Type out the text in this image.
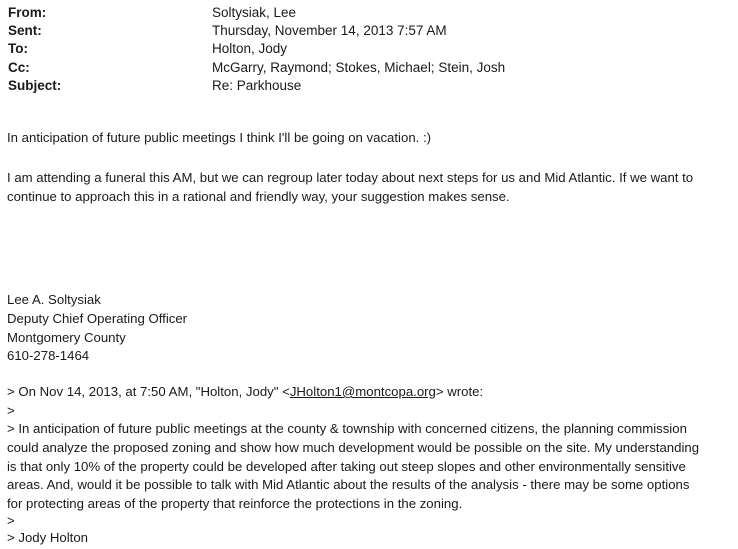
From:	Soltysiak, Lee
Sent:	Thursday, November 14, 2013 7:57 AM
To:	Holton, Jody
Cc:	McGarry, Raymond; Stokes, Michael; Stein, Josh
Subject:	Re: Parkhouse
In anticipation of future public meetings I think I'll be going on vacation. :)
I am attending a funeral this AM, but we can regroup later today about next steps for us and Mid Atlantic. If we want to
continue to approach this in a rational and friendly way, your suggestion makes sense.
Lee A. Soltysiak
Deputy Chief Operating Officer
Montgomery County
610-278-1464
> On Nov 14, 2013, at 7:50 AM, "Holton, Jody" <JHolton1@montcopa.org> wrote:
>
> In anticipation of future public meetings at the county & township with concerned citizens, the planning commission
could analyze the proposed zoning and show how much development would be possible on the site. My understanding
is that only 10% of the property could be developed after taking out steep slopes and other environmentally sensitive
areas. And, would it be possible to talk with Mid Atlantic about the results of the analysis - there may be some options
for protecting areas of the property that reinforce the protections in the zoning.
>
> Jody Holton
